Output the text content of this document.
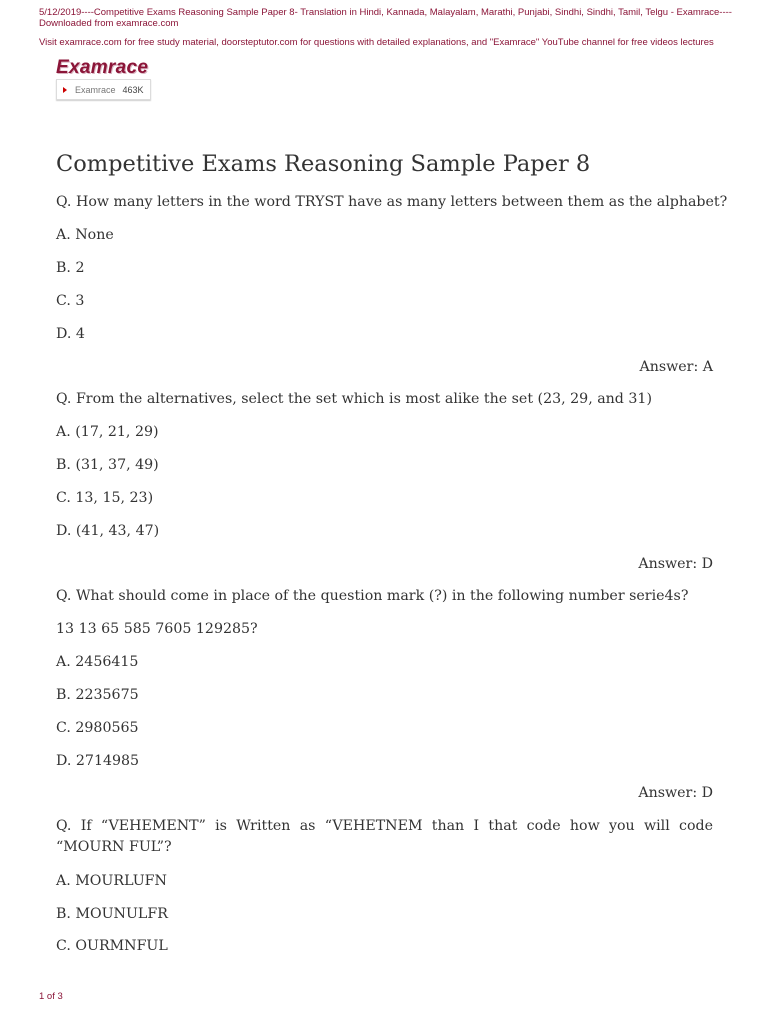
5/12/2019----Competitive Exams Reasoning Sample Paper 8- Translation in Hindi, Kannada, Malayalam, Marathi, Punjabi, Sindhi, Sindhi, Tamil, Telgu - Examrace----Downloaded from examrace.com
Visit examrace.com for free study material, doorsteptutor.com for questions with detailed explanations, and "Examrace" YouTube channel for free videos lectures
Examrace
Examrace 463K
Competitive Exams Reasoning Sample Paper 8
Q. How many letters in the word TRYST have as many letters between them as the alphabet?
A. None
B. 2
C. 3
D. 4
Answer: A
Q. From the alternatives, select the set which is most alike the set (23, 29, and 31)
A. (17, 21, 29)
B. (31, 37, 49)
C. 13, 15, 23)
D. (41, 43, 47)
Answer: D
Q. What should come in place of the question mark (?) in the following number serie4s?
13 13 65 585 7605 129285?
A. 2456415
B. 2235675
C. 2980565
D. 2714985
Answer: D
Q. If “VEHEMENT” is Written as “VEHETNEM than I that code how you will code “MOURN FUL”?
A. MOURLUFN
B. MOUNULFR
C. OURMNFUL
1 of 3
